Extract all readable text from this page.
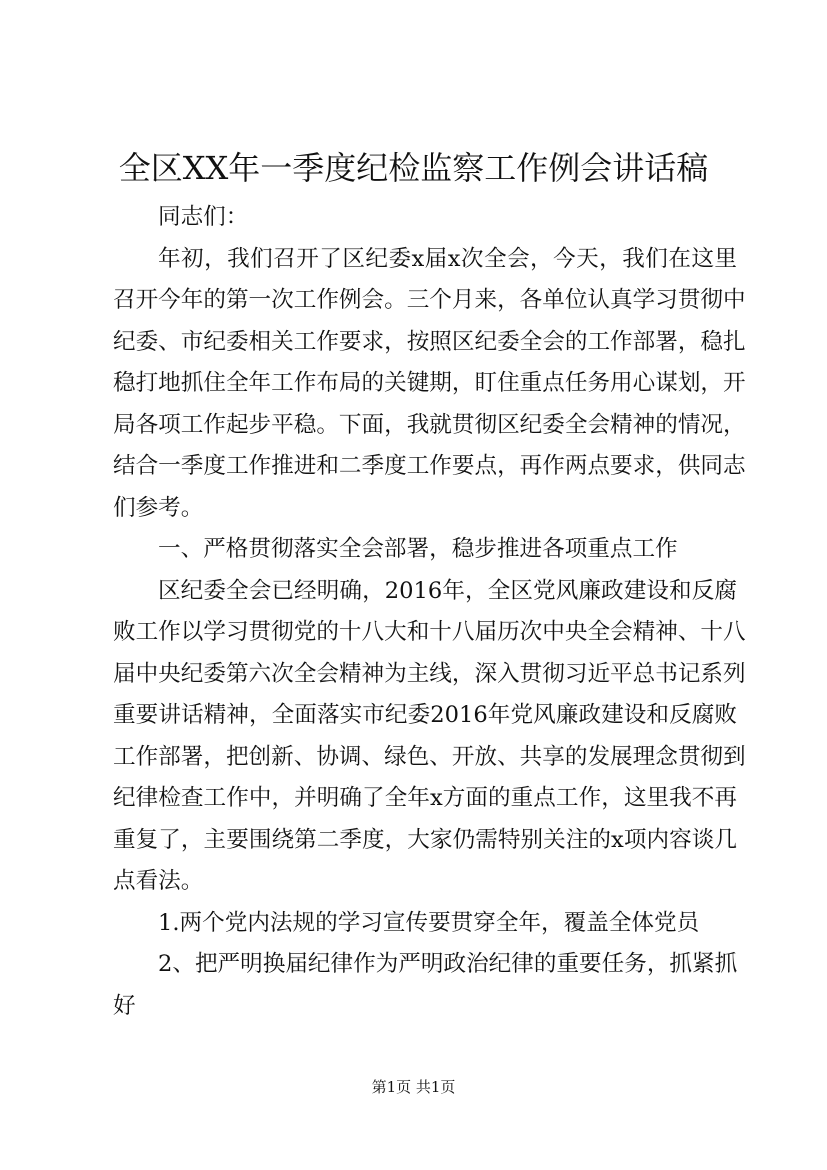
全区XX年一季度纪检监察工作例会讲话稿
同志们：
年初，我们召开了区纪委x届x次全会，今天，我们在这里
召开今年的第一次工作例会。三个月来，各单位认真学习贯彻中
纪委、市纪委相关工作要求，按照区纪委全会的工作部署，稳扎
稳打地抓住全年工作布局的关键期，盯住重点任务用心谋划，开
局各项工作起步平稳。下面，我就贯彻区纪委全会精神的情况，
结合一季度工作推进和二季度工作要点，再作两点要求，供同志
们参考。
一、严格贯彻落实全会部署，稳步推进各项重点工作
区纪委全会已经明确，2016年，全区党风廉政建设和反腐
败工作以学习贯彻党的十八大和十八届历次中央全会精神、十八
届中央纪委第六次全会精神为主线，深入贯彻习近平总书记系列
重要讲话精神，全面落实市纪委2016年党风廉政建设和反腐败
工作部署，把创新、协调、绿色、开放、共享的发展理念贯彻到
纪律检查工作中，并明确了全年x方面的重点工作，这里我不再
重复了，主要围绕第二季度，大家仍需特别关注的x项内容谈几
点看法。
1.两个党内法规的学习宣传要贯穿全年，覆盖全体党员
2、把严明换届纪律作为严明政治纪律的重要任务，抓紧抓
好
第1页 共1页
